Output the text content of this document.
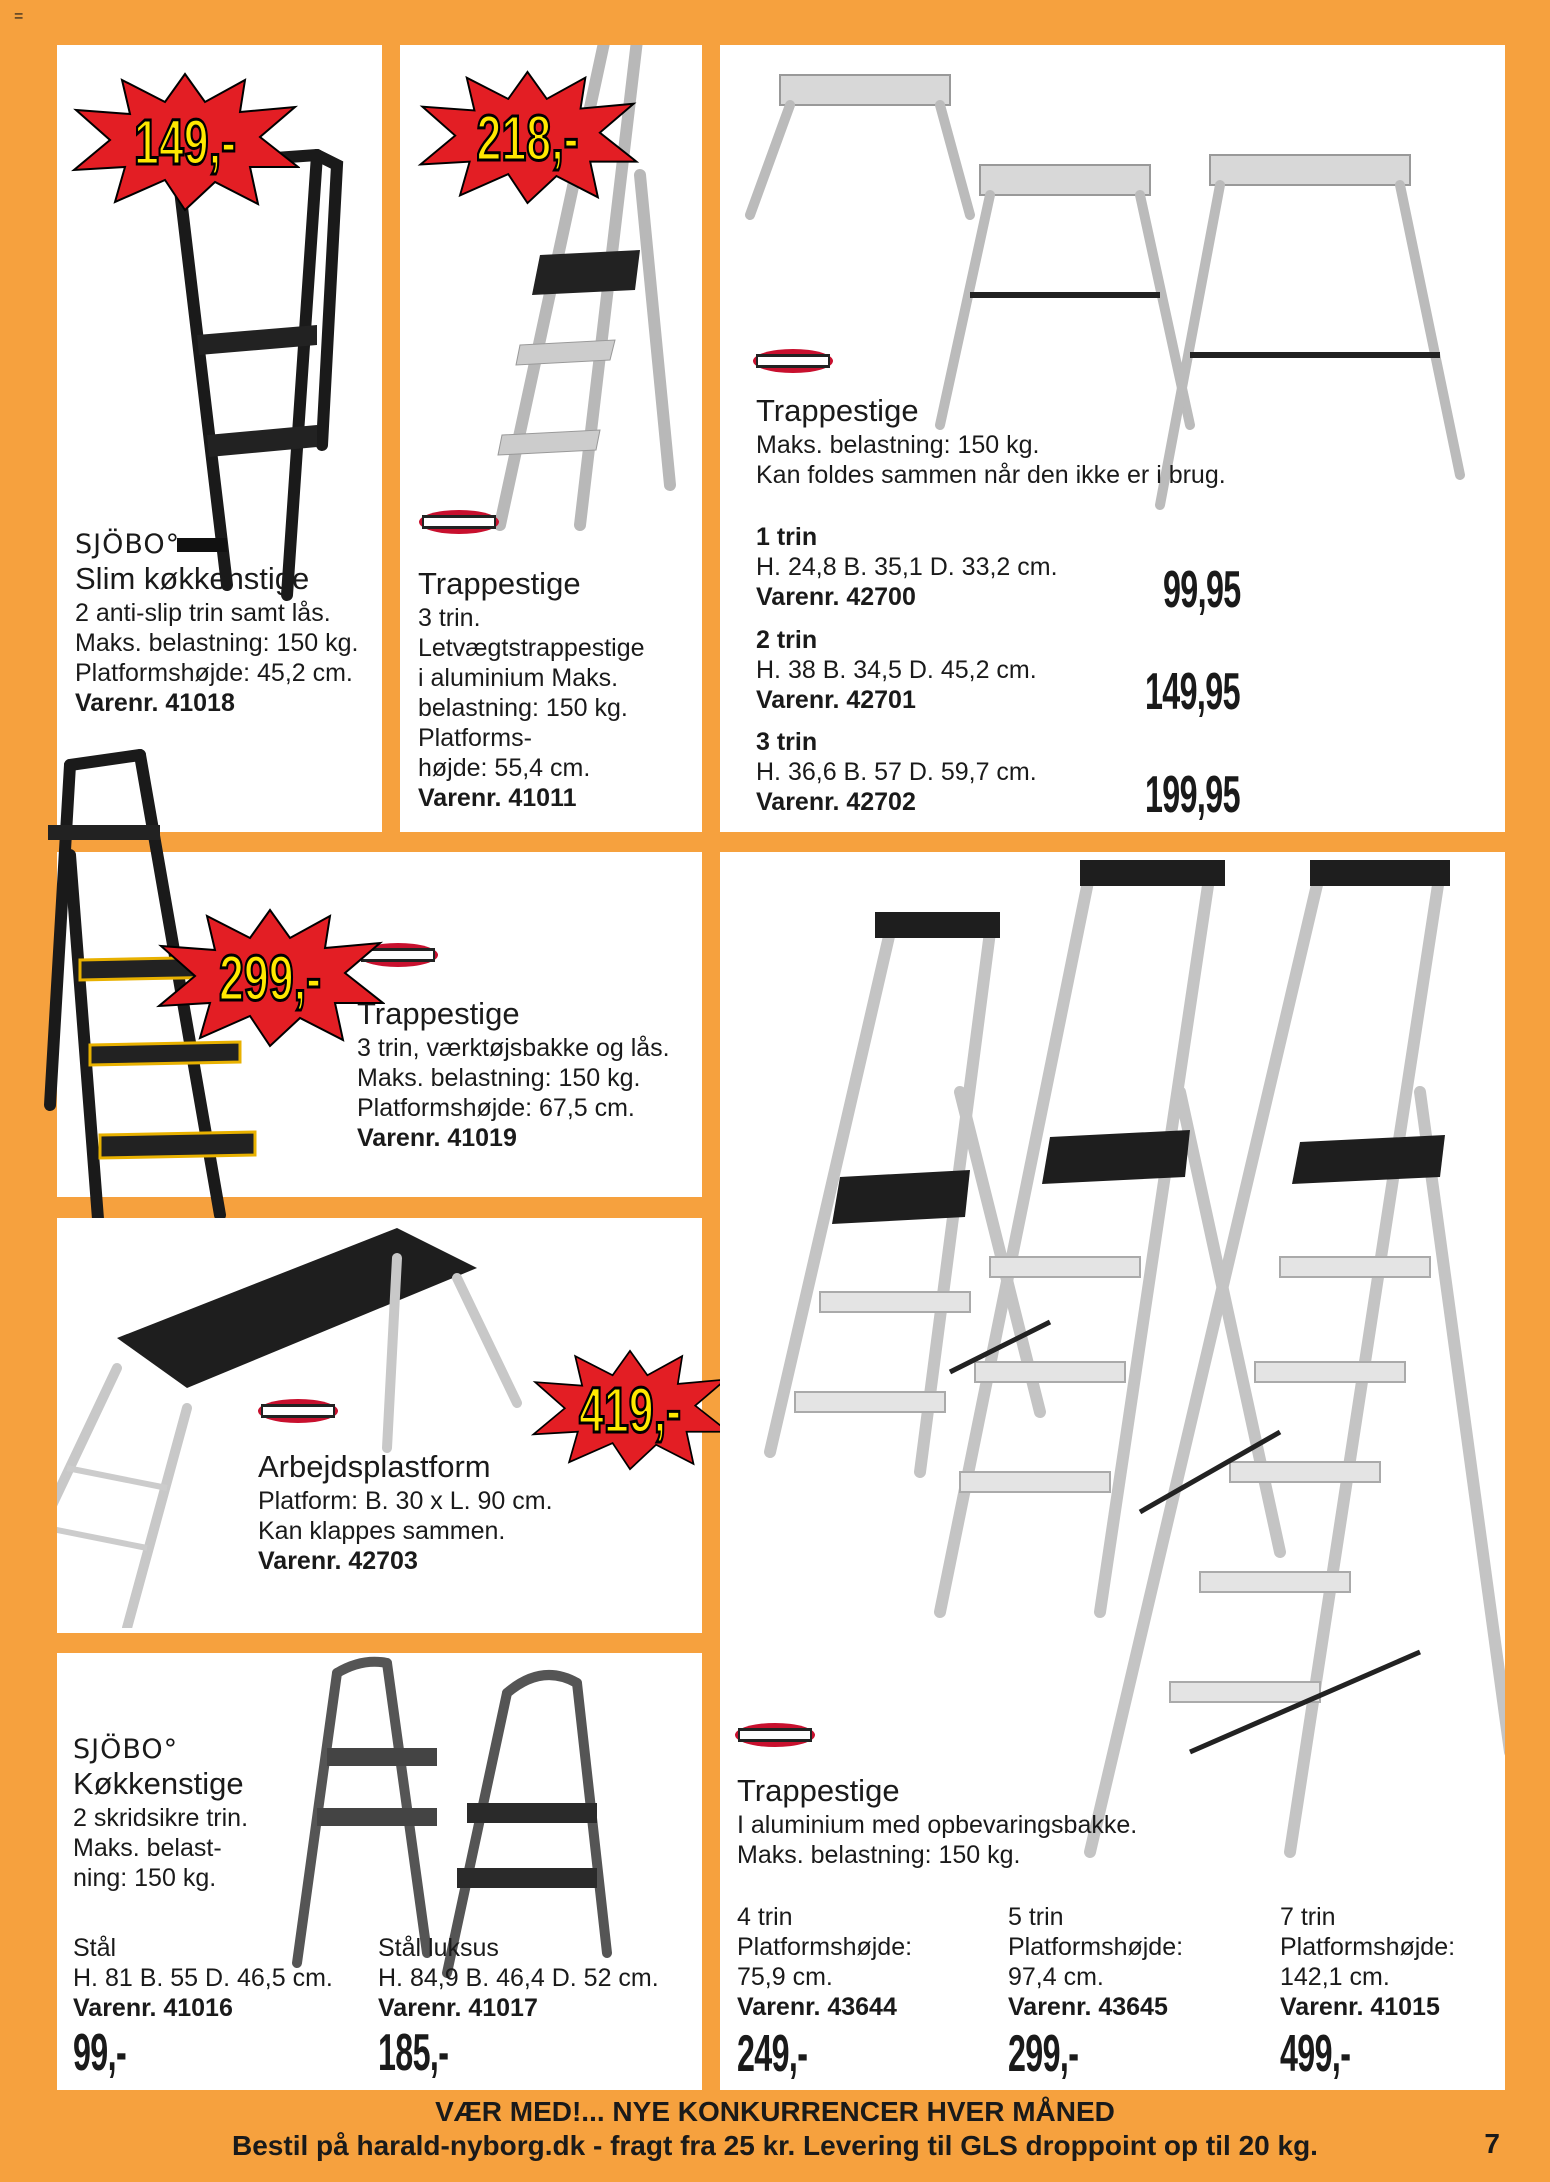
=
SJÖBO°
Slim køkkenstige
2 anti-slip trin samt lås.
Maks. belastning: 150 kg.
Platformshøjde: 45,2 cm.
Varenr. 41018
149,-
Trappestige
3 trin.
Letvægtstrappestige
i aluminium Maks.
belastning: 150 kg.
Platforms-
højde: 55,4 cm.
Varenr. 41011
218,-
Trappestige
Maks. belastning: 150 kg.
Kan foldes sammen når den ikke er i brug.
1 trin
H. 24,8 B. 35,1 D. 33,2 cm.
Varenr. 42700	99,95
2 trin
H. 38 B. 34,5 D. 45,2 cm.
Varenr. 42701	149,95
3 trin
H. 36,6 B. 57 D. 59,7 cm.
Varenr. 42702	199,95
Trappestige
3 trin, værktøjsbakke og lås.
Maks. belastning: 150 kg.
Platformshøjde: 67,5 cm.
Varenr. 41019
299,-
Arbejdsplastform
Platform: B. 30 x L. 90 cm.
Kan klappes sammen.
Varenr. 42703
419,-
SJÖBO°
Køkkenstige
2 skridsikre trin.
Maks. belast-
ning: 150 kg.
Stål
H. 81 B. 55 D. 46,5 cm.
Varenr. 41016
99,-
Stål luksus
H. 84,9 B. 46,4 D. 52 cm.
Varenr. 41017
185,-
Trappestige
I aluminium med opbevaringsbakke.
Maks. belastning: 150 kg.
4 trin
Platformshøjde:
75,9 cm.
Varenr. 43644
249,-
5 trin
Platformshøjde:
97,4 cm.
Varenr. 43645
299,-
7 trin
Platformshøjde:
142,1 cm.
Varenr. 41015
499,-
VÆR MED!... NYE KONKURRENCER HVER MÅNED
Bestil på harald-nyborg.dk - fragt fra 25 kr. Levering til GLS droppoint op til 20 kg.	7
